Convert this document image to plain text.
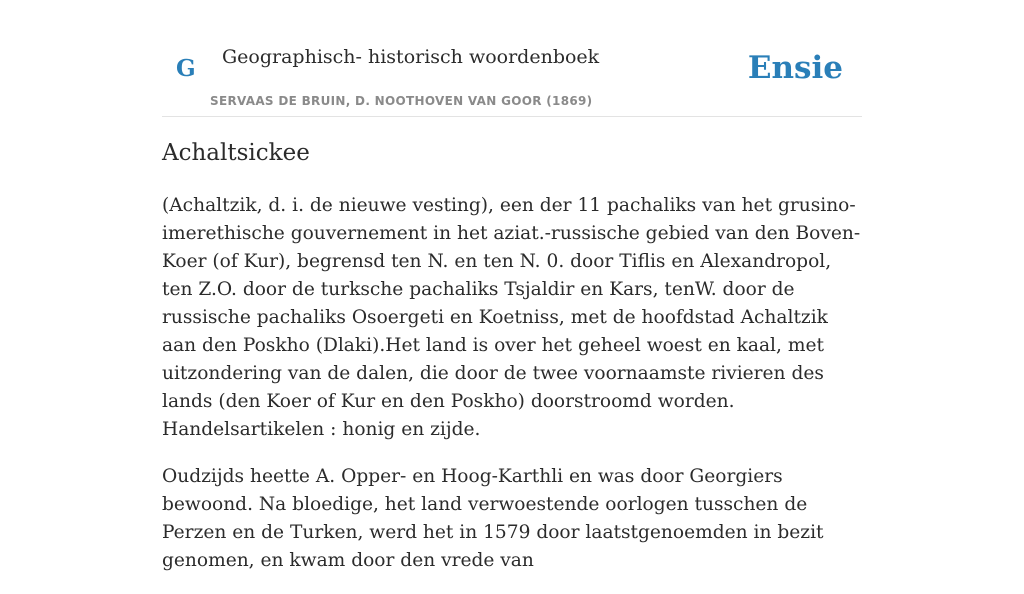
G Geographisch- historisch woordenboek
SERVAAS DE BRUIN, D. NOOTHOVEN VAN GOOR (1869)
Ensie
Achaltsickee

(Achaltzik, d. i. de nieuwe vesting), een der 11 pachaliks van het grusino-imerethische gouvernement in het aziat.-russische gebied van den Boven-Koer (of Kur), begrensd ten N. en ten N. 0. door Tiflis en Alexandropol, ten Z.O. door de turksche pachaliks Tsjaldir en Kars, tenW. door de russische pachaliks Osoergeti en Koetniss, met de hoofdstad Achaltzik aan den Poskho (Dlaki).Het land is over het geheel woest en kaal, met uitzondering van de dalen, die door de twee voornaamste rivieren des lands (den Koer of Kur en den Poskho) doorstroomd worden. Handelsartikelen : honig en zijde.

Oudzijds heette A. Opper- en Hoog-Karthli en was door Georgiers bewoond. Na bloedige, het land verwoestende oorlogen tusschen de Perzen en de Turken, werd het in 1579 door laatstgenoemden in bezit genomen, en kwam door den vrede van
